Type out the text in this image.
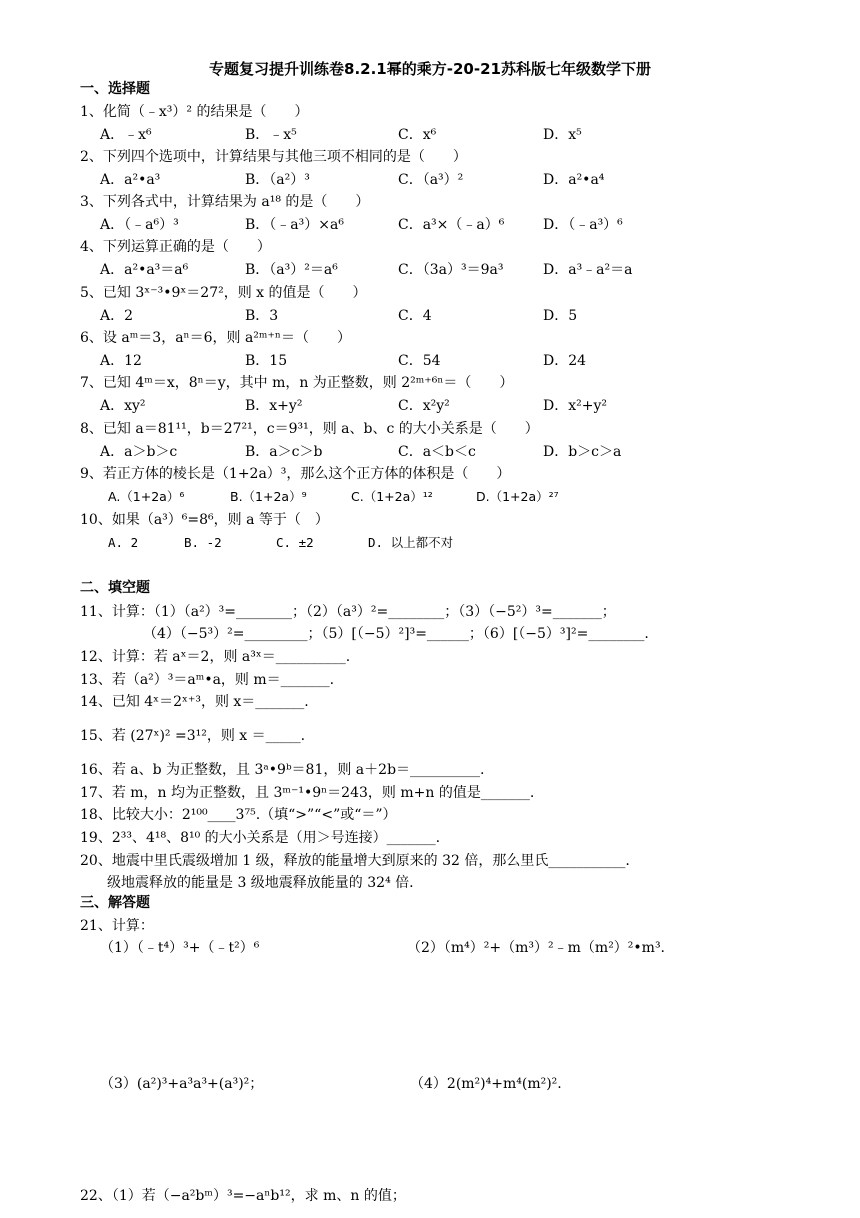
专题复习提升训练卷8.2.1幂的乘方-20-21苏科版七年级数学下册
一、选择题
1、化简（﹣x³）² 的结果是（　　）
A．﹣x⁶	B．﹣x⁵	C．x⁶	D．x⁵
2、下列四个选项中，计算结果与其他三项不相同的是（　　）
A．a²•a³	B．（a²）³	C．（a³）²	D．a²•a⁴
3、下列各式中，计算结果为 a¹⁸ 的是（　　）
A．（﹣a⁶）³	B．（﹣a³）×a⁶	C．a³×（﹣a）⁶	D．（﹣a³）⁶
4、下列运算正确的是（　　）
A．a²•a³＝a⁶	B．（a³）²＝a⁶	C．（3a）³＝9a³	D．a³﹣a²＝a
5、已知 3ˣ⁻³•9ˣ＝27²，则 x 的值是（　　）
A．2	B．3	C．4	D．5
6、设 aᵐ＝3，aⁿ＝6，则 a²ᵐ⁺ⁿ＝（　　）
A．12	B．15	C．54	D．24
7、已知 4ᵐ＝x，8ⁿ＝y，其中 m，n 为正整数，则 2²ᵐ⁺⁶ⁿ＝（　　）
A．xy²	B．x+y²	C．x²y²	D．x²+y²
8、已知 a＝81¹¹，b＝27²¹，c＝9³¹，则 a、b、c 的大小关系是（　　）
A．a＞b＞c	B．a＞c＞b	C．a＜b＜c	D．b＞c＞a
9、若正方体的棱长是（1+2a）³，那么这个正方体的体积是（　　）
A.（1+2a）⁶	B.（1+2a）⁹	C.（1+2a）¹²	D.（1+2a）²⁷
10、如果（a³）⁶=8⁶，则 a 等于（　）
A. 2	B. -2	C. ±2	D. 以上都不对
二、填空题
11、计算：（1）（a²）³=________；（2）（a³）²=________；（3）（−5²）³=_______；
（4）（−5³）²=_________；（5）[（−5）²]³=______；（6）[（−5）³]²=________.
12、计算：若 aˣ＝2，则 a³ˣ＝__________.
13、若（a²）³＝aᵐ•a，则 m＝_______.
14、已知 4ˣ＝2ˣ⁺³，则 x＝_______.
15、若 (27ˣ)² =3¹²，则 x ＝_____.
16、若 a、b 为正整数，且 3ᵃ•9ᵇ＝81，则 a＋2b＝__________.
17、若 m，n 均为正整数，且 3ᵐ⁻¹•9ⁿ＝243，则 m+n 的值是_______.
18、比较大小：2¹⁰⁰____3⁷⁵.（填“>”“<”或“＝”）
19、2³³、4¹⁸、8¹⁰ 的大小关系是（用＞号连接）_______.
20、地震中里氏震级增加 1 级，释放的能量增大到原来的 32 倍，那么里氏___________.
级地震释放的能量是 3 级地震释放能量的 32⁴ 倍.
三、解答题
21、计算：
（1）（﹣t⁴）³+（﹣t²）⁶	（2）（m⁴）²+（m³）²﹣m（m²）²•m³.
（3）(a²)³+a³a³+(a³)²；	（4）2(m²)⁴+m⁴(m²)².
22、（1）若（−a²bᵐ）³=−aⁿb¹²，求 m、n 的值；
